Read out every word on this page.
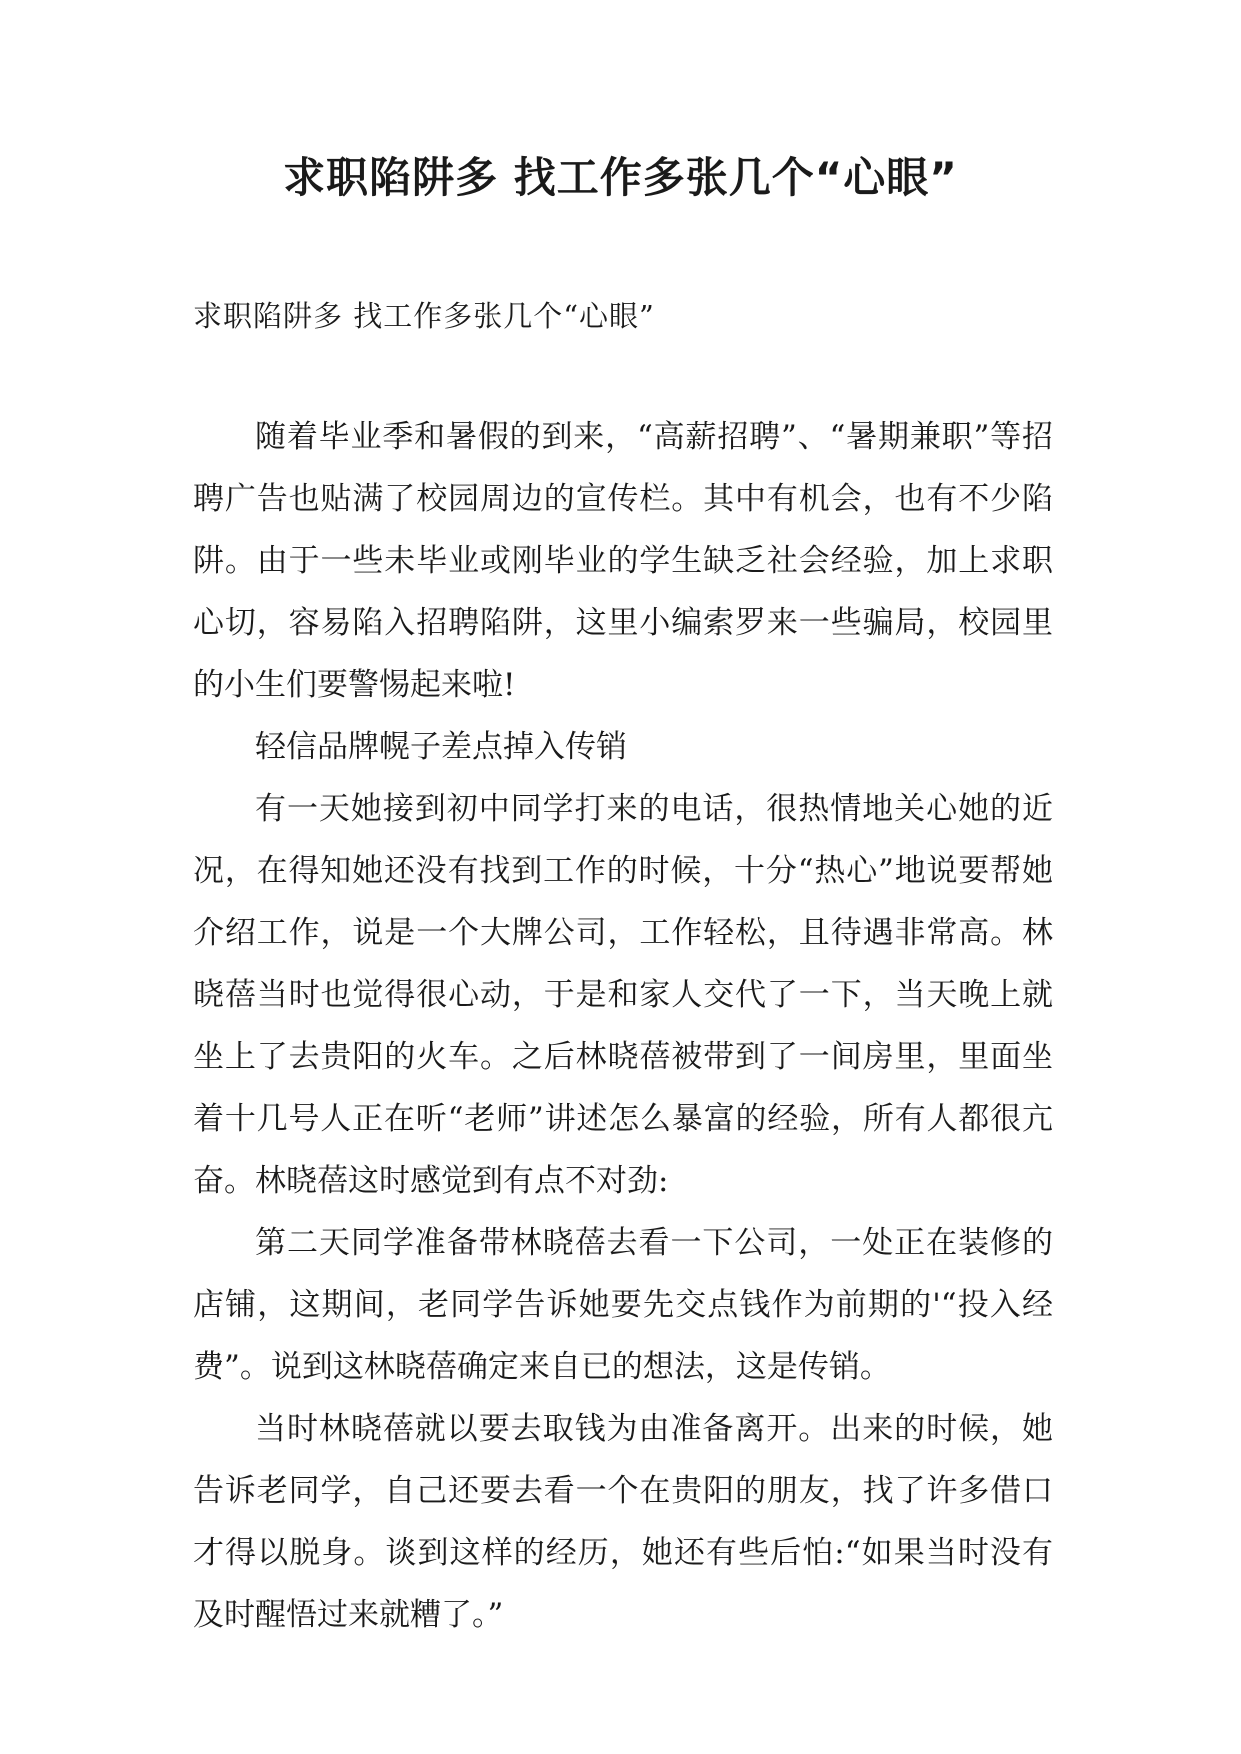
求职陷阱多 找工作多张几个“心眼”

求职陷阱多 找工作多张几个“心眼”

随着毕业季和暑假的到来，“高薪招聘”、“暑期兼职”等招聘广告也贴满了校园周边的宣传栏。其中有机会，也有不少陷阱。由于一些未毕业或刚毕业的学生缺乏社会经验，加上求职心切，容易陷入招聘陷阱，这里小编索罗来一些骗局，校园里的小生们要警惕起来啦!

轻信品牌幌子差点掉入传销

有一天她接到初中同学打来的电话，很热情地关心她的近况，在得知她还没有找到工作的时候，十分“热心”地说要帮她介绍工作，说是一个大牌公司，工作轻松，且待遇非常高。林晓蓓当时也觉得很心动，于是和家人交代了一下，当天晚上就坐上了去贵阳的火车。之后林晓蓓被带到了一间房里，里面坐着十几号人正在听“老师”讲述怎么暴富的经验，所有人都很亢奋。林晓蓓这时感觉到有点不对劲:

第二天同学准备带林晓蓓去看一下公司，一处正在装修的店铺，这期间，老同学告诉她要先交点钱作为前期的'“投入经费”。说到这林晓蓓确定来自已的想法，这是传销。

当时林晓蓓就以要去取钱为由准备离开。出来的时候，她告诉老同学，自己还要去看一个在贵阳的朋友，找了许多借口才得以脱身。谈到这样的经历，她还有些后怕:“如果当时没有及时醒悟过来就糟了。”
